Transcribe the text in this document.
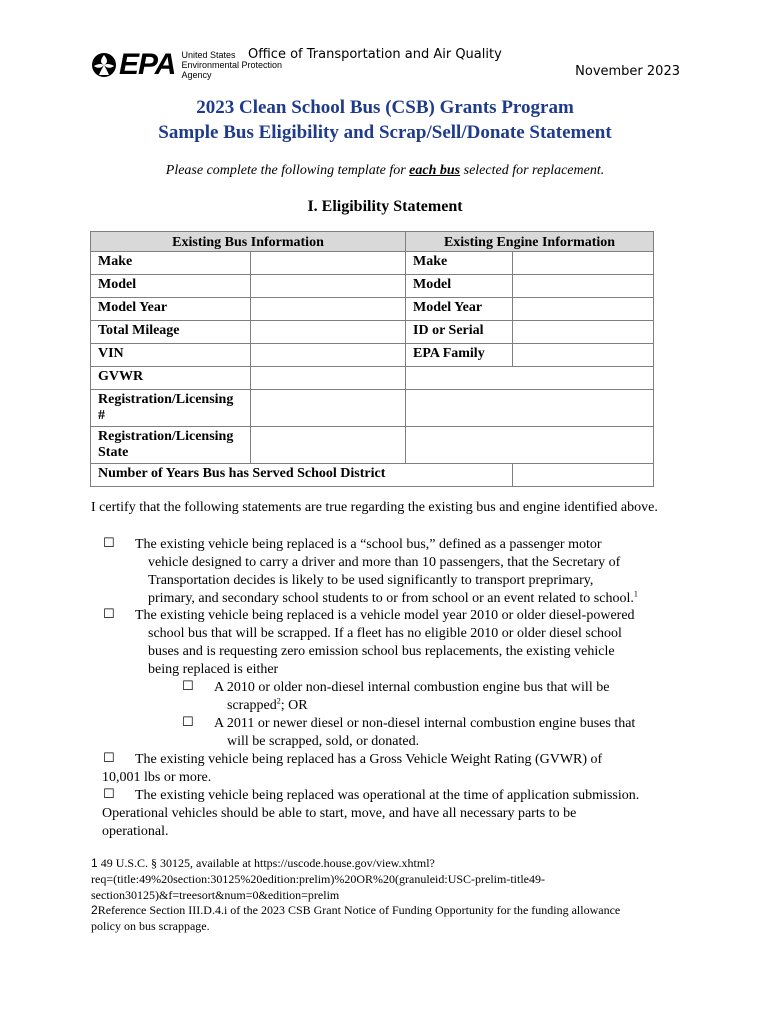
EPA United States
Environmental Protection
Agency
Office of Transportation and Air Quality
November 2023
2023 Clean School Bus (CSB) Grants Program
Sample Bus Eligibility and Scrap/Sell/Donate Statement
Please complete the following template for each bus selected for replacement.
I. Eligibility Statement
Existing Bus Information		Existing Engine Information	
Make		Make	
Model		Model	
Model Year		Model Year	
Total Mileage		ID or Serial	
VIN		EPA Family	
GVWR			
Registration/Licensing #			
Registration/Licensing State			
Number of Years Bus has Served School District			
I certify that the following statements are true regarding the existing bus and engine identified above.
☐ The existing vehicle being replaced is a “school bus,” defined as a passenger motor
vehicle designed to carry a driver and more than 10 passengers, that the Secretary of
Transportation decides is likely to be used significantly to transport preprimary,
primary, and secondary school students to or from school or an event related to school.$^1$
☐ The existing vehicle being replaced is a vehicle model year 2010 or older diesel-powered
school bus that will be scrapped. If a fleet has no eligible 2010 or older diesel school
buses and is requesting zero emission school bus replacements, the existing vehicle
being replaced is either
☐ A 2010 or older non-diesel internal combustion engine bus that will be
scrapped$^2$; OR
☐ A 2011 or newer diesel or non-diesel internal combustion engine buses that
will be scrapped, sold, or donated.
☐ The existing vehicle being replaced has a Gross Vehicle Weight Rating (GVWR) of
10,001 lbs or more.
☐ The existing vehicle being replaced was operational at the time of application submission.
Operational vehicles should be able to start, move, and have all necessary parts to be
operational.
1 49 U.S.C. § 30125, available at https://uscode.house.gov/view.xhtml?
req=(title:49%20section:30125%20edition:prelim)%20OR%20(granuleid:USC-prelim-title49-
section30125)&f=treesort&num=0&edition=prelim
2Reference Section III.D.4.i of the 2023 CSB Grant Notice of Funding Opportunity for the funding allowance
policy on bus scrappage.
